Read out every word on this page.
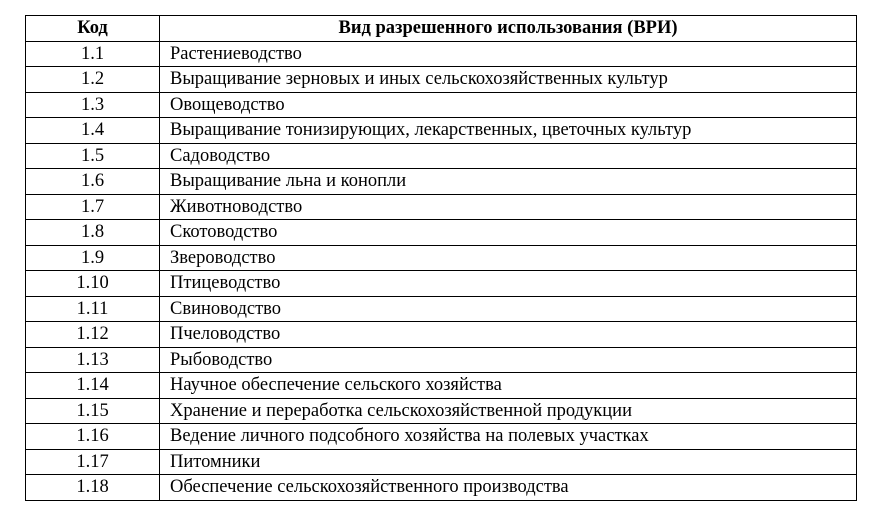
Код	Вид разрешенного использования (ВРИ)
1.1	Растениеводство
1.2	Выращивание зерновых и иных сельскохозяйственных культур
1.3	Овощеводство
1.4	Выращивание тонизирующих, лекарственных, цветочных культур
1.5	Садоводство
1.6	Выращивание льна и конопли
1.7	Животноводство
1.8	Скотоводство
1.9	Звероводство
1.10	Птицеводство
1.11	Свиноводство
1.12	Пчеловодство
1.13	Рыбоводство
1.14	Научное обеспечение сельского хозяйства
1.15	Хранение и переработка сельскохозяйственной продукции
1.16	Ведение личного подсобного хозяйства на полевых участках
1.17	Питомники
1.18	Обеспечение сельскохозяйственного производства
